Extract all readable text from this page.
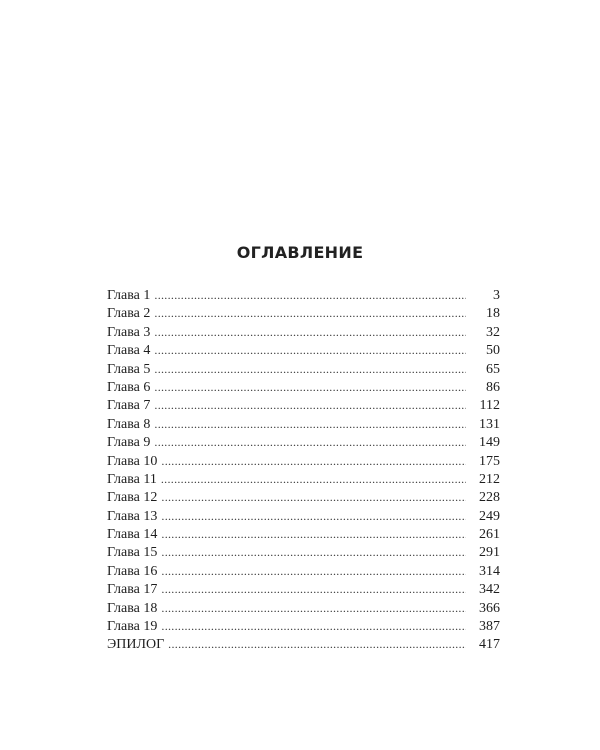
ОГЛАВЛЕНИЕ
Глава 1 . . .	3
Глава 2 . . .	18
Глава 3 . . .	32
Глава 4 . . .	50
Глава 5 . . .	65
Глава 6 . . .	86
Глава 7 . . .	112
Глава 8 . . .	131
Глава 9 . . .	149
Глава 10 . . .	175
Глава 11 . . .	212
Глава 12 . . .	228
Глава 13 . . .	249
Глава 14 . . .	261
Глава 15 . . .	291
Глава 16 . . .	314
Глава 17 . . .	342
Глава 18 . . .	366
Глава 19 . . .	387
ЭПИЛОГ . . .	417
